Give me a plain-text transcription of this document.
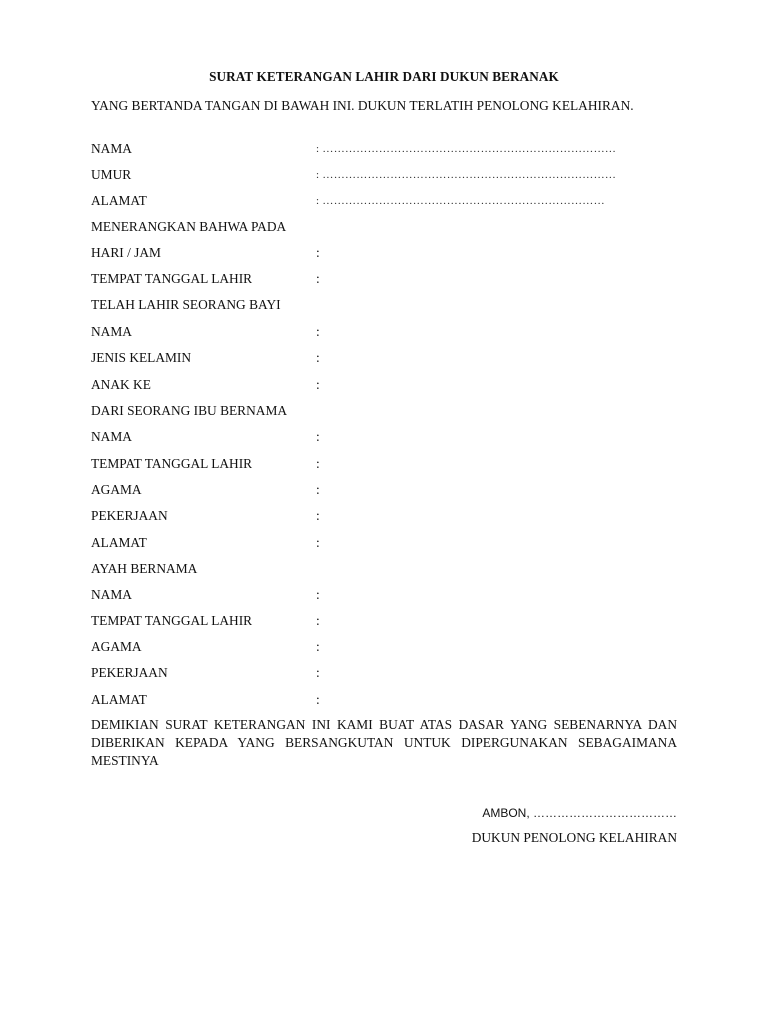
SURAT KETERANGAN LAHIR DARI DUKUN BERANAK
YANG BERTANDA TANGAN DI BAWAH INI. DUKUN TERLATIH PENOLONG KELAHIRAN.
NAMA	: ……………………………………………………………………
UMUR	: ……………………………………………………………………
ALAMAT	: …………………………………………………………………
MENERANGKAN BAHWA PADA
HARI / JAM	:
TEMPAT TANGGAL LAHIR	:
TELAH LAHIR SEORANG BAYI
NAMA	:
JENIS KELAMIN	:
ANAK KE	:
DARI SEORANG IBU BERNAMA
NAMA	:
TEMPAT TANGGAL LAHIR	:
AGAMA	:
PEKERJAAN	:
ALAMAT	:
AYAH BERNAMA
NAMA	:
TEMPAT TANGGAL LAHIR	:
AGAMA	:
PEKERJAAN	:
ALAMAT	:
DEMIKIAN SURAT KETERANGAN INI KAMI BUAT ATAS DASAR YANG SEBENARNYA DAN DIBERIKAN KEPADA YANG BERSANGKUTAN UNTUK DIPERGUNAKAN SEBAGAIMANA MESTINYA
AMBON, ………………………………
DUKUN PENOLONG KELAHIRAN
